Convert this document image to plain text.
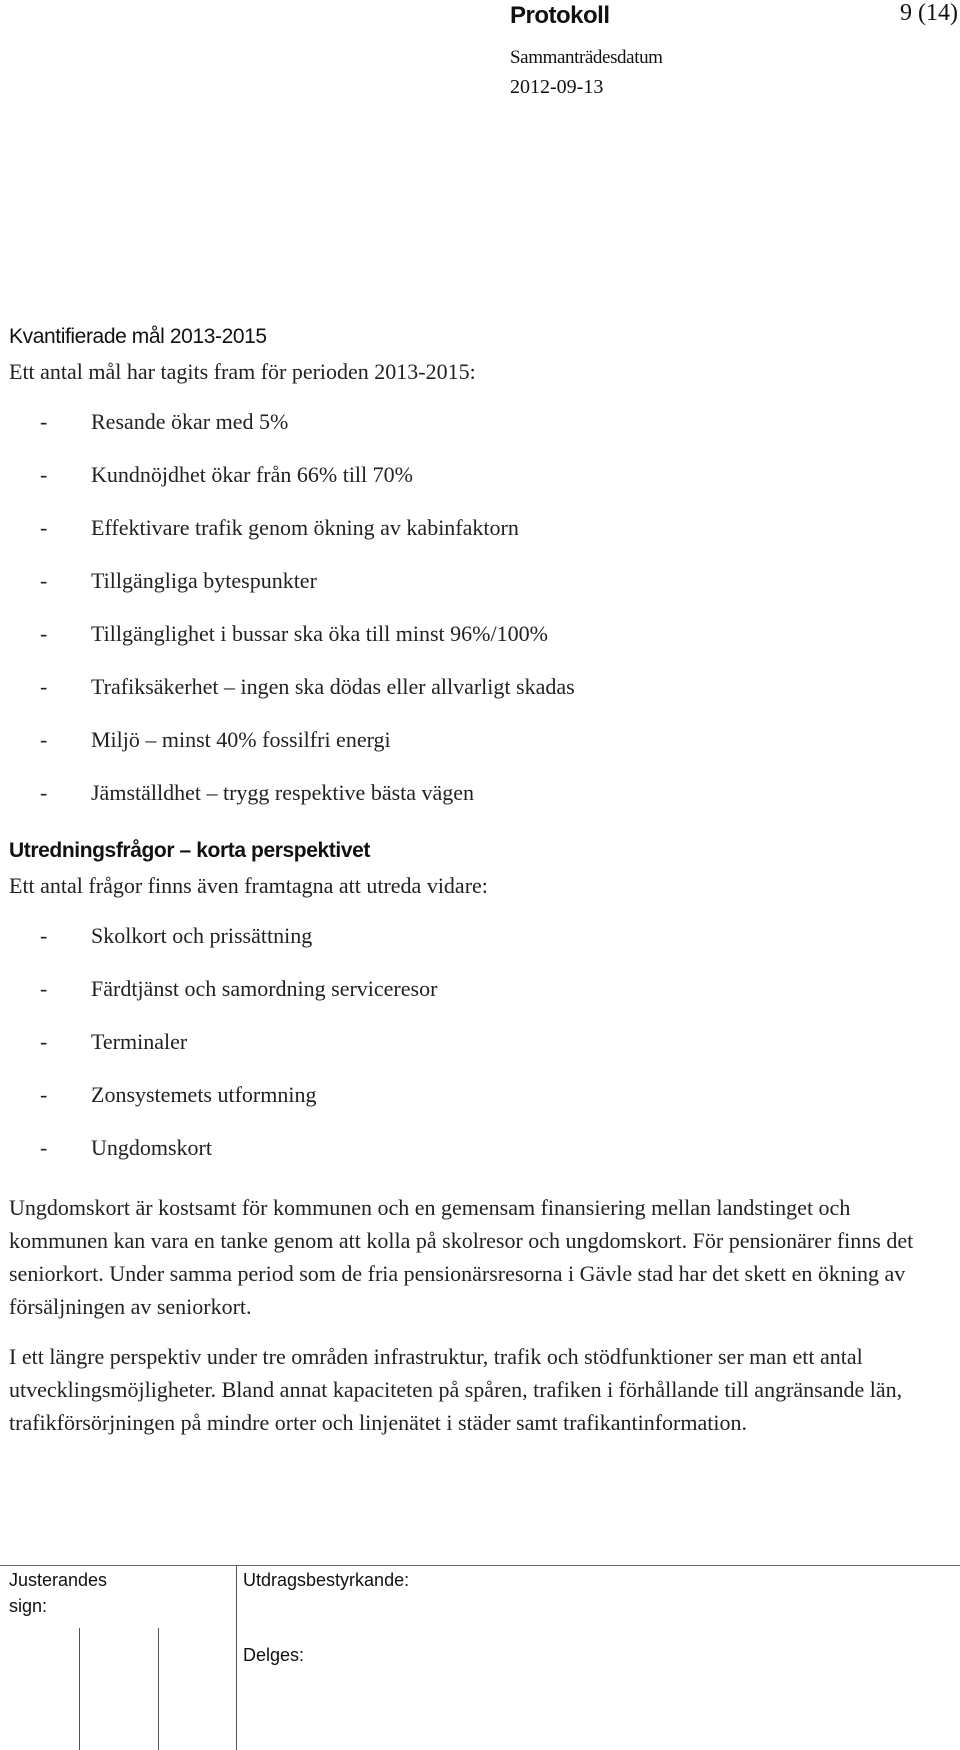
Protokoll	9 (14)
Sammanträdesdatum
2012-09-13
Kvantifierade mål 2013-2015

Ett antal mål har tagits fram för perioden 2013-2015:

- Resande ökar med 5%
- Kundnöjdhet ökar från 66% till 70%
- Effektivare trafik genom ökning av kabinfaktorn
- Tillgängliga bytespunkter
- Tillgänglighet i bussar ska öka till minst 96%/100%
- Trafiksäkerhet – ingen ska dödas eller allvarligt skadas
- Miljö – minst 40% fossilfri energi
- Jämställdhet – trygg respektive bästa vägen
Utredningsfrågor – korta perspektivet

Ett antal frågor finns även framtagna att utreda vidare:

- Skolkort och prissättning
- Färdtjänst och samordning serviceresor
- Terminaler
- Zonsystemets utformning
- Ungdomskort

Ungdomskort är kostsamt för kommunen och en gemensam finansiering mellan landstinget och kommunen kan vara en tanke genom att kolla på skolresor och ungdomskort. För pensionärer finns det seniorkort. Under samma period som de fria pensionärsresorna i Gävle stad har det skett en ökning av försäljningen av seniorkort.

I ett längre perspektiv under tre områden infrastruktur, trafik och stödfunktioner ser man ett antal utvecklingsmöjligheter. Bland annat kapaciteten på spåren, trafiken i förhållande till angränsande län, trafikförsörjningen på mindre orter och linjenätet i städer samt trafikantinformation.

Justerandes
sign:
Utdragsbestyrkande:
Delges:
